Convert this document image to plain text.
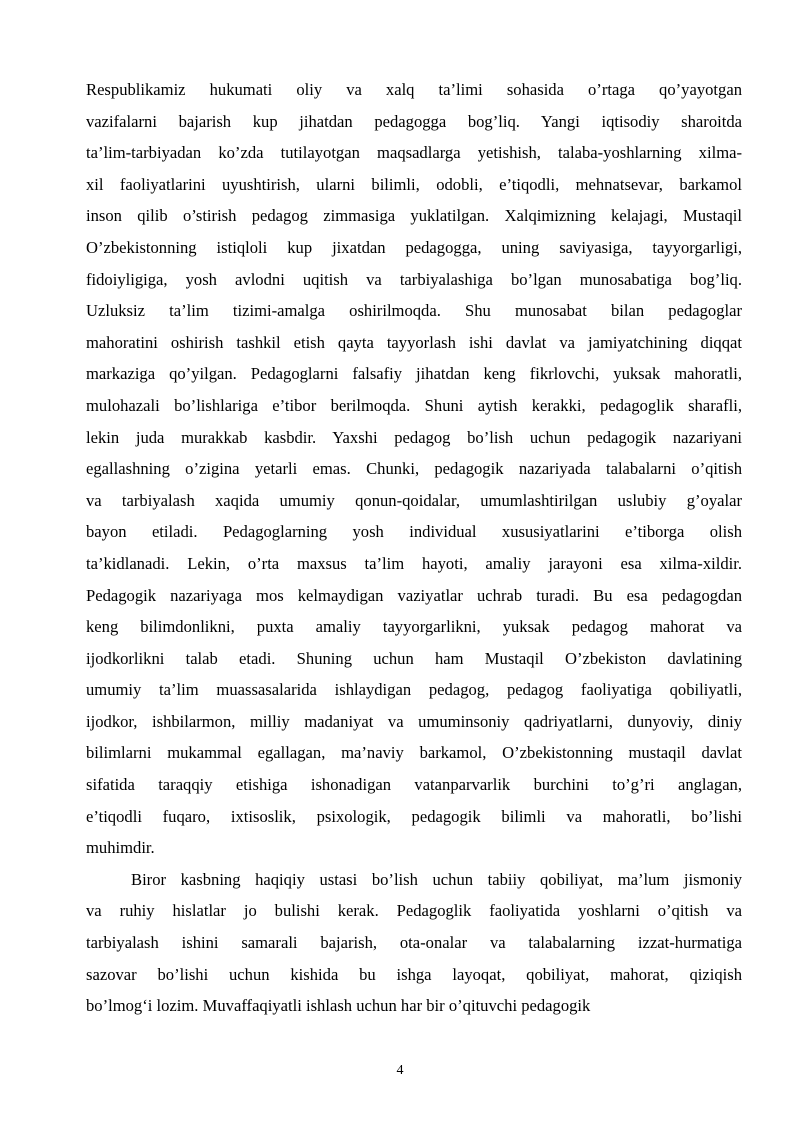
Respublikamiz hukumati oliy va xalq ta’limi sohasida o’rtaga qo’yayotgan
vazifalarni bajarish kup jihatdan pedagogga bog’liq. Yangi iqtisodiy sharoitda
ta’lim-tarbiyadan ko’zda tutilayotgan maqsadlarga yetishish, talaba-yoshlarning xilma-
xil faoliyatlarini uyushtirish, ularni bilimli, odobli, e’tiqodli, mehnatsevar, barkamol
inson qilib o’stirish pedagog zimmasiga yuklatilgan. Xalqimizning kelajagi, Mustaqil
O’zbekistonning istiqloli kup jixatdan pedagogga, uning saviyasiga, tayyorgarligi,
fidoiyligiga, yosh avlodni uqitish va tarbiyalashiga bo’lgan munosabatiga bog’liq.
Uzluksiz ta’lim tizimi-amalga oshirilmoqda. Shu munosabat bilan pedagoglar
mahoratini oshirish tashkil etish qayta tayyorlash ishi davlat va jamiyatchining diqqat
markaziga qo’yilgan. Pedagoglarni falsafiy jihatdan keng fikrlovchi, yuksak mahoratli,
mulohazali bo’lishlariga e’tibor berilmoqda. Shuni aytish kerakki, pedagoglik sharafli,
lekin juda murakkab kasbdir. Yaxshi pedagog bo’lish uchun pedagogik nazariyani
egallashning o’zigina yetarli emas. Chunki, pedagogik nazariyada talabalarni o’qitish
va tarbiyalash xaqida umumiy qonun-qoidalar, umumlashtirilgan uslubiy g’oyalar
bayon etiladi. Pedagoglarning yosh individual xususiyatlarini e’tiborga olish
ta’kidlanadi. Lekin, o’rta maxsus ta’lim hayoti, amaliy jarayoni esa xilma-xildir.
Pedagogik nazariyaga mos kelmaydigan vaziyatlar uchrab turadi. Bu esa pedagogdan
keng bilimdonlikni, puxta amaliy tayyorgarlikni, yuksak pedagog mahorat va
ijodkorlikni talab etadi. Shuning uchun ham Mustaqil O’zbekiston davlatining
umumiy ta’lim muassasalarida ishlaydigan pedagog, pedagog faoliyatiga qobiliyatli,
ijodkor, ishbilarmon, milliy madaniyat va umuminsoniy qadriyatlarni, dunyoviy, diniy
bilimlarni mukammal egallagan, ma’naviy barkamol, O’zbekistonning mustaqil davlat
sifatida taraqqiy etishiga ishonadigan vatanparvarlik burchini to’g’ri anglagan,
e’tiqodli fuqaro, ixtisoslik, psixologik, pedagogik bilimli va mahoratli, bo’lishi
muhimdir.
Biror kasbning haqiqiy ustasi bo’lish uchun tabiiy qobiliyat, ma’lum jismoniy
va ruhiy hislatlar jo bulishi kerak. Pedagoglik faoliyatida yoshlarni o’qitish va
tarbiyalash ishini samarali bajarish, ota-onalar va talabalarning izzat-hurmatiga
sazovar bo’lishi uchun kishida bu ishga layoqat, qobiliyat, mahorat, qiziqish
bo’lmog‘i lozim. Muvaffaqiyatli ishlash uchun har bir o’qituvchi pedagogik
4
